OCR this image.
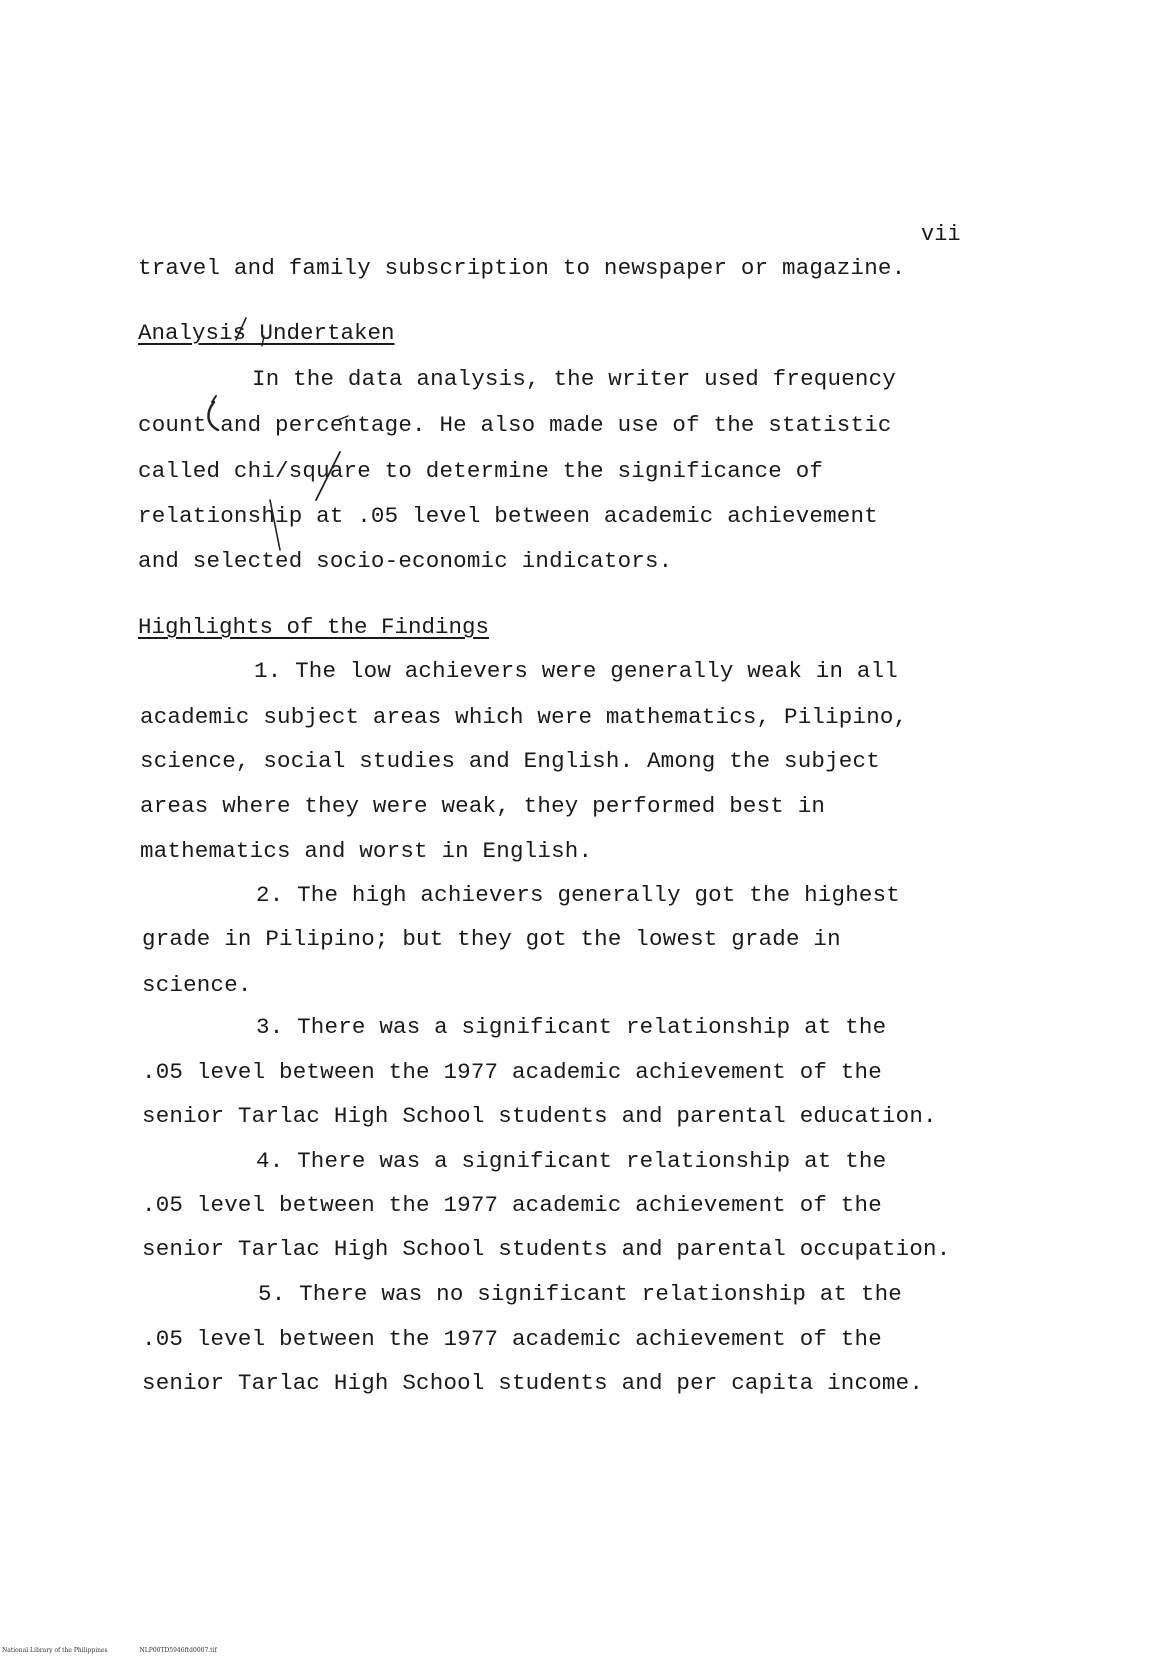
vii
travel and family subscription to newspaper or magazine.
Analysis Undertaken
In the data analysis, the writer used frequency
count and percentage. He also made use of the statistic
called chi/square to determine the significance of
relationship at .05 level between academic achievement
and selected socio-economic indicators.
Highlights of the Findings
1. The low achievers were generally weak in all
academic subject areas which were mathematics, Pilipino,
science, social studies and English. Among the subject
areas where they were weak, they performed best in
mathematics and worst in English.
2. The high achievers generally got the highest
grade in Pilipino; but they got the lowest grade in
science.
3. There was a significant relationship at the
.05 level between the 1977 academic achievement of the
senior Tarlac High School students and parental education.
4. There was a significant relationship at the
.05 level between the 1977 academic achievement of the
senior Tarlac High School students and parental occupation.
5. There was no significant relationship at the
.05 level between the 1977 academic achievement of the
senior Tarlac High School students and per capita income.
National Library of the Philippines	NLP00TD5946ftd0007.tif
